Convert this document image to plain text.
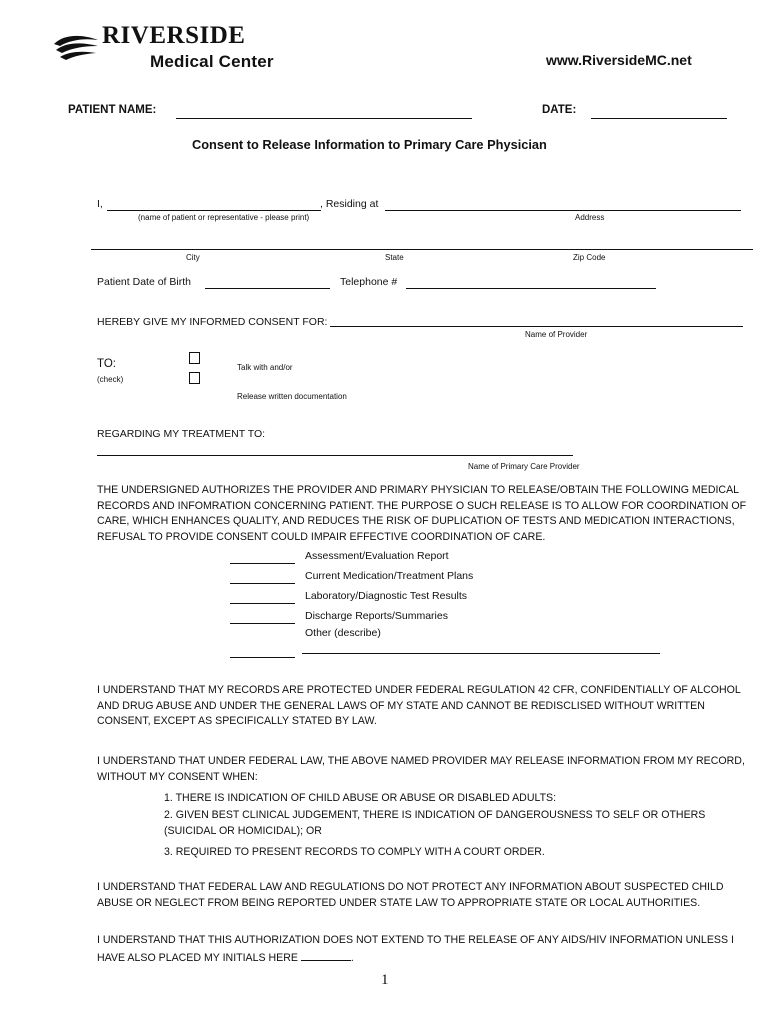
RIVERSIDE
Medical Center	www.RiversideMC.net
PATIENT NAME:	DATE:
Consent to Release Information to Primary Care Physician
I,	, Residing at
(name of patient or representative - please print)	Address
City	State	Zip Code
Patient Date of Birth	Telephone #
HEREBY GIVE MY INFORMED CONSENT FOR:
Name of Provider
TO:
(check)
Talk with and/or
Release written documentation
REGARDING MY TREATMENT TO:
Name of Primary Care Provider
THE UNDERSIGNED AUTHORIZES THE PROVIDER AND PRIMARY PHYSICIAN TO RELEASE/OBTAIN THE FOLLOWING MEDICAL
RECORDS AND INFOMRATION CONCERNING PATIENT. THE PURPOSE O SUCH RELEASE IS TO ALLOW FOR COORDINATION OF
CARE, WHICH ENHANCES QUALITY, AND REDUCES THE RISK OF DUPLICATION OF TESTS AND MEDICATION INTERACTIONS,
REFUSAL TO PROVIDE CONSENT COULD IMPAIR EFFECTIVE COORDINATION OF CARE.
Assessment/Evaluation Report
Current Medication/Treatment Plans
Laboratory/Diagnostic Test Results
Discharge Reports/Summaries
Other (describe)
I UNDERSTAND THAT MY RECORDS ARE PROTECTED UNDER FEDERAL REGULATION 42 CFR, CONFIDENTIALLY OF ALCOHOL
AND DRUG ABUSE AND UNDER THE GENERAL LAWS OF MY STATE AND CANNOT BE REDISCLISED WITHOUT WRITTEN
CONSENT, EXCEPT AS SPECIFICALLY STATED BY LAW.
I UNDERSTAND THAT UNDER FEDERAL LAW, THE ABOVE NAMED PROVIDER MAY RELEASE INFORMATION FROM MY RECORD,
WITHOUT MY CONSENT WHEN:
1. THERE IS INDICATION OF CHILD ABUSE OR ABUSE OR DISABLED ADULTS:
2. GIVEN BEST CLINICAL JUDGEMENT, THERE IS INDICATION OF DANGEROUSNESS TO SELF OR OTHERS
(SUICIDAL OR HOMICIDAL); OR
3. REQUIRED TO PRESENT RECORDS TO COMPLY WITH A COURT ORDER.
I UNDERSTAND THAT FEDERAL LAW AND REGULATIONS DO NOT PROTECT ANY INFORMATION ABOUT SUSPECTED CHILD
ABUSE OR NEGLECT FROM BEING REPORTED UNDER STATE LAW TO APPROPRIATE STATE OR LOCAL AUTHORITIES.
I UNDERSTAND THAT THIS AUTHORIZATION DOES NOT EXTEND TO THE RELEASE OF ANY AIDS/HIV INFORMATION UNLESS I
HAVE ALSO PLACED MY INITIALS HERE	.
1
